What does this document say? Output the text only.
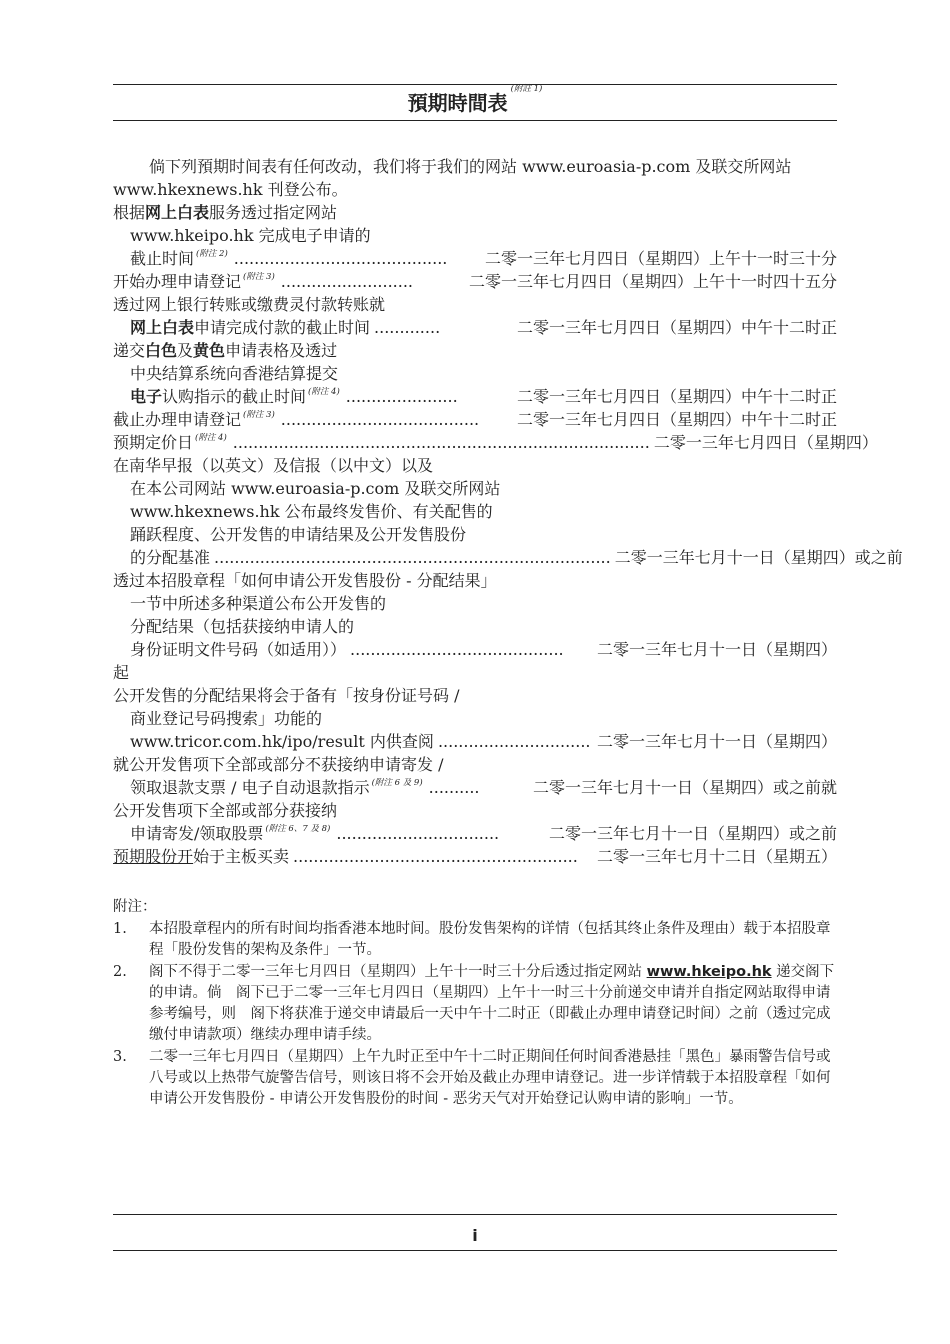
預期時間表$^{(附註 1)}$

倘下列預期时间表有任何改动，我们将于我们的网站 www.euroasia-p.com 及联交所网站
www.hkexnews.hk 刊登公布。

根据网上白表服务透过指定网站
www.hkeipo.hk 完成电子申请的
截止时间 $^{(附注 2)}$ ..........................................	二零一三年七月四日（星期四）上午十一时三十分
开始办理申请登记 $^{(附注 3)}$ ..........................	二零一三年七月四日（星期四）上午十一时四十五分
透过网上银行转账或缴费灵付款转账就
网上白表申请完成付款的截止时间 .............	二零一三年七月四日（星期四）中午十二时正
递交白色及黄色申请表格及透过
中央结算系统向香港结算提交
电子认购指示的截止时间 $^{(附注 4)}$ ......................	二零一三年七月四日（星期四）中午十二时正
截止办理申请登记 $^{(附注 3)}$ .......................................	二零一三年七月四日（星期四）中午十二时正
预期定价日 $^{(附注 4)}$ .................................................................................. 二零一三年七月四日（星期四）
在南华早报（以英文）及信报（以中文）以及
在本公司网站 www.euroasia-p.com 及联交所网站
www.hkexnews.hk 公布最终发售价、有关配售的
踊跃程度、公开发售的申请结果及公开发售股份
的分配基准 .............................................................................. 二零一三年七月十一日（星期四）或之前
透过本招股章程「如何申请公开发售股份 - 分配结果」
一节中所述多种渠道公布公开发售的
分配结果（包括获接纳申请人的
身份证明文件号码（如适用）） ..........................................	二零一三年七月十一日（星期四）
起
公开发售的分配结果将会于备有「按身份证号码 /
商业登记号码搜索」功能的
www.tricor.com.hk/ipo/result 内供查阅 .............................. 二零一三年七月十一日（星期四）
就公开发售项下全部或部分不获接纳申请寄发 /
领取退款支票 / 电子自动退款指示 $^{(附注 6 及 9)}$ ..........	二零一三年七月十一日（星期四）或之前就
公开发售项下全部或部分获接纳
申请寄发/领取股票 $^{(附注 6、7 及 8)}$ ................................	二零一三年七月十一日（星期四）或之前
预期股份开始于主板买卖 ........................................................	二零一三年七月十二日（星期五）
附注：
1.	本招股章程内的所有时间均指香港本地时间。股份发售架构的详情（包括其终止条件及理由）载于本招股章程「股份发售的架构及条件」一节。
2.	阁下不得于二零一三年七月四日（星期四）上午十一时三十分后透过指定网站 www.hkeipo.hk 递交阁下的申请。倘　阁下已于二零一三年七月四日（星期四）上午十一时三十分前递交申请并自指定网站取得申请参考编号，则　阁下将获准于递交申请最后一天中午十二时正（即截止办理申请登记时间）之前（透过完成缴付申请款项）继续办理申请手续。
3.	二零一三年七月四日（星期四）上午九时正至中午十二时正期间任何时间香港悬挂「黑色」暴雨警告信号或八号或以上热带气旋警告信号，则该日将不会开始及截止办理申请登记。进一步详情载于本招股章程「如何申请公开发售股份 - 申请公开发售股份的时间 - 恶劣天气对开始登记认购申请的影响」一节。
i
